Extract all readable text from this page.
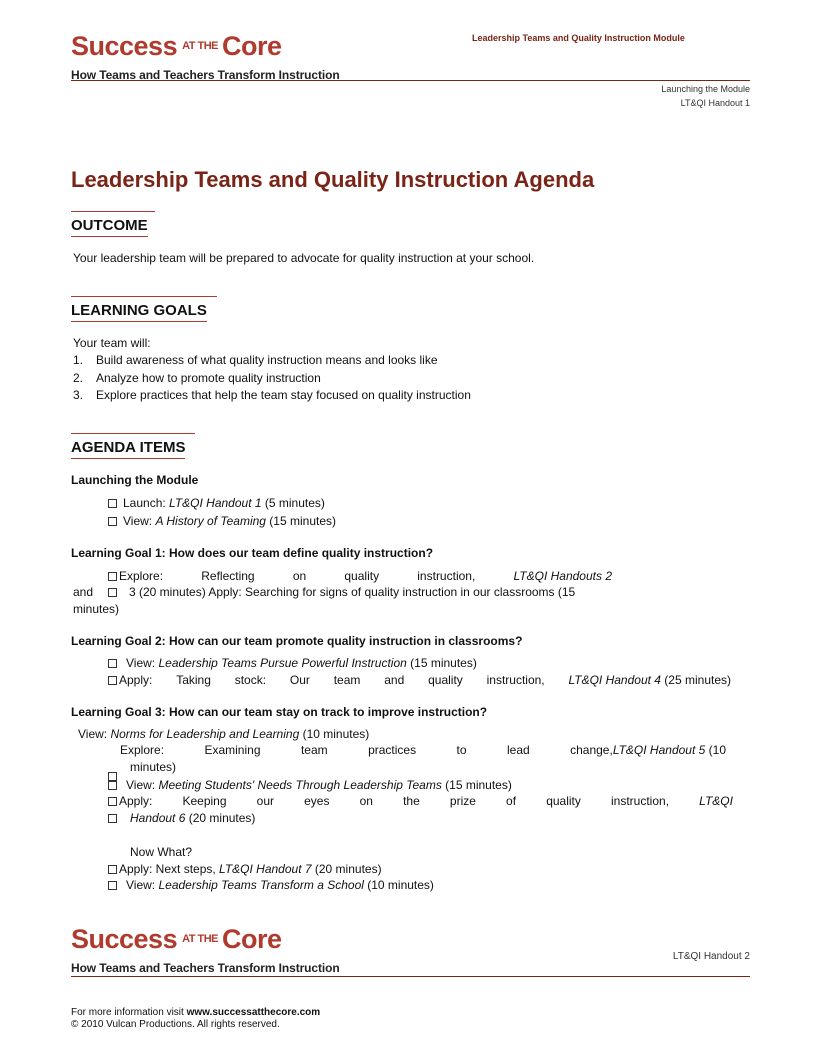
Success AT THE Core
How Teams and Teachers Transform Instruction
Leadership Teams and Quality Instruction Module
Launching the Module
LT&QI Handout 1
Leadership Teams and Quality Instruction Agenda
OUTCOME
Your leadership team will be prepared to advocate for quality instruction at your school.
LEARNING GOALS
Your team will:
1. Build awareness of what quality instruction means and looks like
2. Analyze how to promote quality instruction
3. Explore practices that help the team stay focused on quality instruction
AGENDA ITEMS
Launching the Module
Launch: LT&QI Handout 1 (5 minutes)
View: A History of Teaming (15 minutes)
Learning Goal 1: How does our team define quality instruction?
Explore:	Reflecting	on	quality	instruction,	LT&QI Handouts 2
and	3 (20 minutes) Apply: Searching for signs of quality instruction in our classrooms (15
minutes)
Learning Goal 2: How can our team promote quality instruction in classrooms?
View: Leadership Teams Pursue Powerful Instruction (15 minutes)
Apply: Taking stock: Our team and quality instruction, LT&QI Handout 4 (25 minutes)
Learning Goal 3: How can our team stay on track to improve instruction?
View: Norms for Leadership and Learning (10 minutes)
Explore:	Examining	team	practices	to	lead	change,LT&QI Handout 5 (10
minutes)
View: Meeting Students' Needs Through Leadership Teams (15 minutes)
Apply:	Keeping	our	eyes	on	the	prize	of	quality	instruction,	LT&QI
Handout 6 (20 minutes)
Now What?
Apply: Next steps, LT&QI Handout 7 (20 minutes)
View: Leadership Teams Transform a School (10 minutes)
Success AT THE Core
How Teams and Teachers Transform Instruction
LT&QI Handout 2
For more information visit www.successatthecore.com
© 2010 Vulcan Productions. All rights reserved.
